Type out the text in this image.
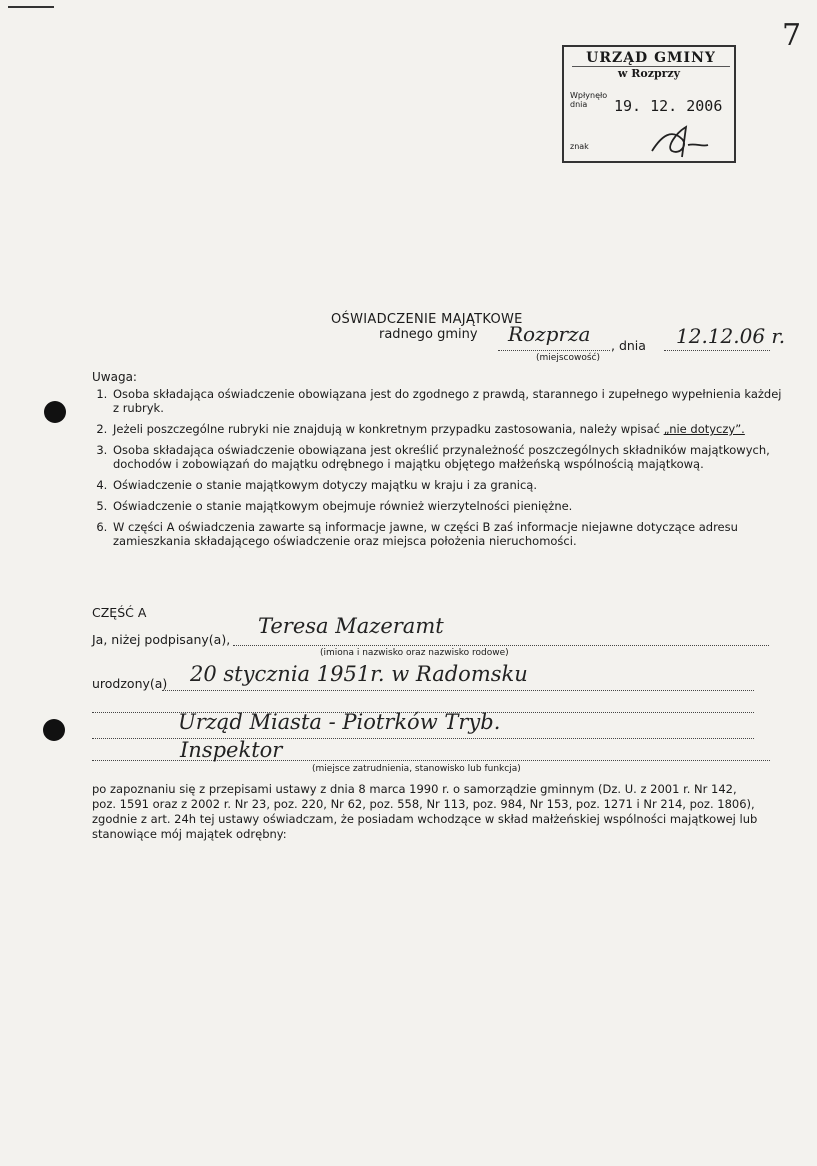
7
URZĄD GMINY
w Rozprzy
Wpłynęło dnia	19. 12. 2006
znak
OŚWIADCZENIE MAJĄTKOWE
radnego gminy Rozprza
(miejscowość)
, dnia 12.12.06 r.
Uwaga:
1. Osoba składająca oświadczenie obowiązana jest do zgodnego z prawdą, starannego i zupełnego wypełnienia każdej z rubryk.
2. Jeżeli poszczególne rubryki nie znajdują w konkretnym przypadku zastosowania, należy wpisać „nie dotyczy”.
3. Osoba składająca oświadczenie obowiązana jest określić przynależność poszczególnych składników majątkowych, dochodów i zobowiązań do majątku odrębnego i majątku objętego małżeńską wspólnością majątkową.
4. Oświadczenie o stanie majątkowym dotyczy majątku w kraju i za granicą.
5. Oświadczenie o stanie majątkowym obejmuje również wierzytelności pieniężne.
6. W części A oświadczenia zawarte są informacje jawne, w części B zaś informacje niejawne dotyczące adresu zamieszkania składającego oświadczenie oraz miejsca położenia nieruchomości.
CZĘŚĆ A
Ja, niżej podpisany(a),
Teresa Mazeramt
(imiona i nazwisko oraz nazwisko rodowe)
urodzony(a) 20 stycznia 1951r. w Radomsku
Urząd Miasta - Piotrków Tryb.
Inspektor
(miejsce zatrudnienia, stanowisko lub funkcja)
po zapoznaniu się z przepisami ustawy z dnia 8 marca 1990 r. o samorządzie gminnym (Dz. U. z 2001 r. Nr 142, poz. 1591 oraz z 2002 r. Nr 23, poz. 220, Nr 62, poz. 558, Nr 113, poz. 984, Nr 153, poz. 1271 i Nr 214, poz. 1806), zgodnie z art. 24h tej ustawy oświadczam, że posiadam wchodzące w skład małżeńskiej wspólności majątkowej lub stanowiące mój majątek odrębny:
